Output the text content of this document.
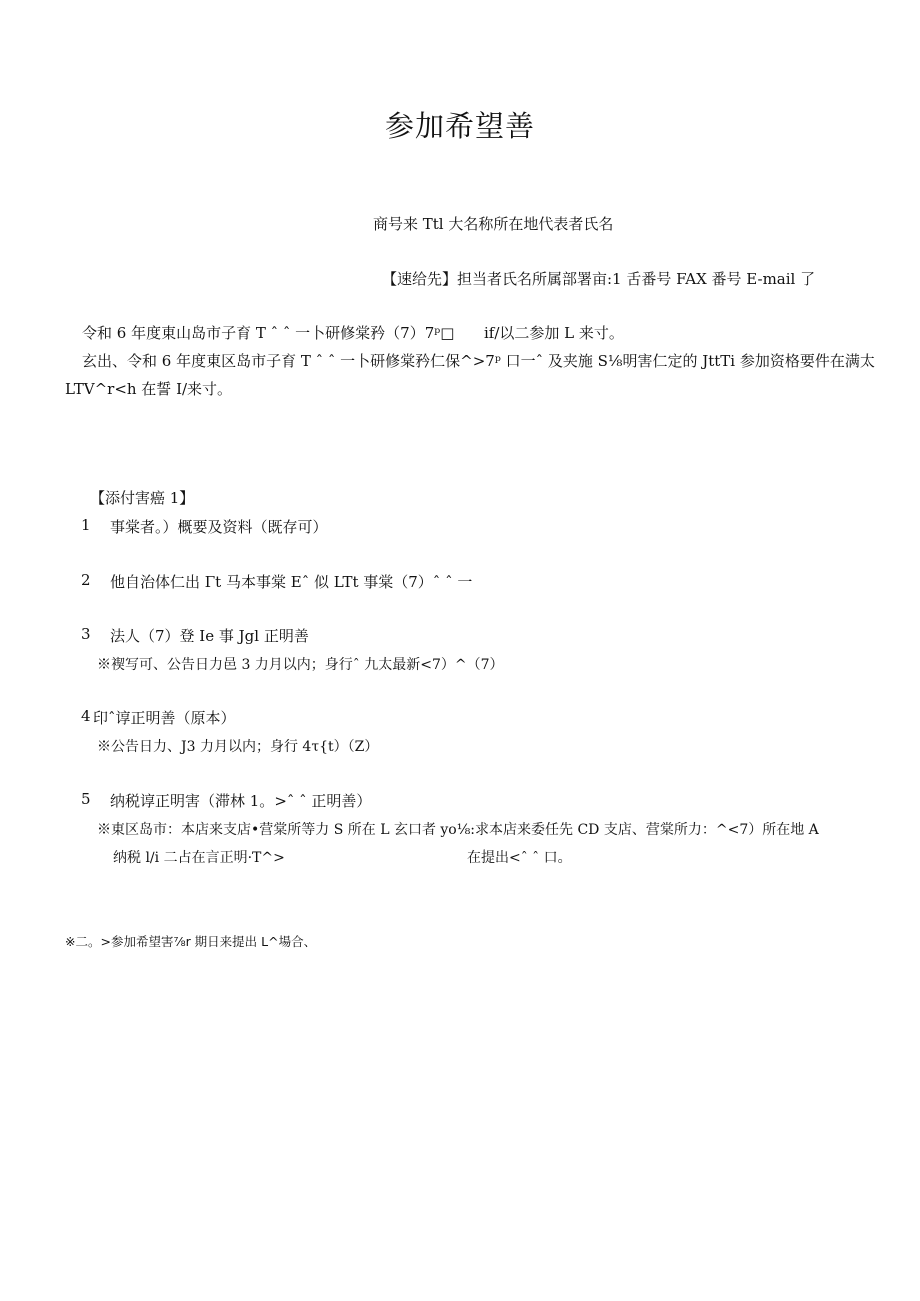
参加希望善
商号来 Ttl 大名称所在地代表者氏名
【速给先】担当者氏名所属部署亩:1 舌番号 FAX 番号 E-mail 了
令和 6 年度東山岛市子育 T ˆ ˆ 一卜研修棠矜（7）7ᵖ□ if/以二参加 L 来寸。
玄出、令和 6 年度東区岛市子育 T ˆ ˆ 一卜研修棠矜仁保^>7ᵖ 口一ˆ 及夹施 S⅛明害仁定的 JttTi 参加资格要件在满太
LTV^r<h 在誓 I/来寸。
【添付害癌 1】
1 事棠者。）概要及资料（既存可）
2 他自治体仁出 Γt 马本事棠 Eˆ 似 LTt 事棠（7）ˆ ˆ 一
3 法人（7）登 Ie 事 Jgl 正明善
※褉写可、公告日力邑 3 力月以内；身行ˆ 九太最新<7）^（7）
4 印ˆ谆正明善（原本）
※公告日力、J3 力月以内；身行 4τ{t）（Z）
5 纳税谆正明害（滞林 1。>ˆ ˆ 正明善）
※東区岛市：本店来支店•营棠所等力 S 所在 L 玄口者 yo⅛:求本店来委任先 CD 支店、营棠所力：^<7）所在地 A
纳税 l∕i 二占在言正明·T^>	在提出<ˆ ˆ 口。
※二。>参加希望害⅞r 期日来提出 L^場合、
